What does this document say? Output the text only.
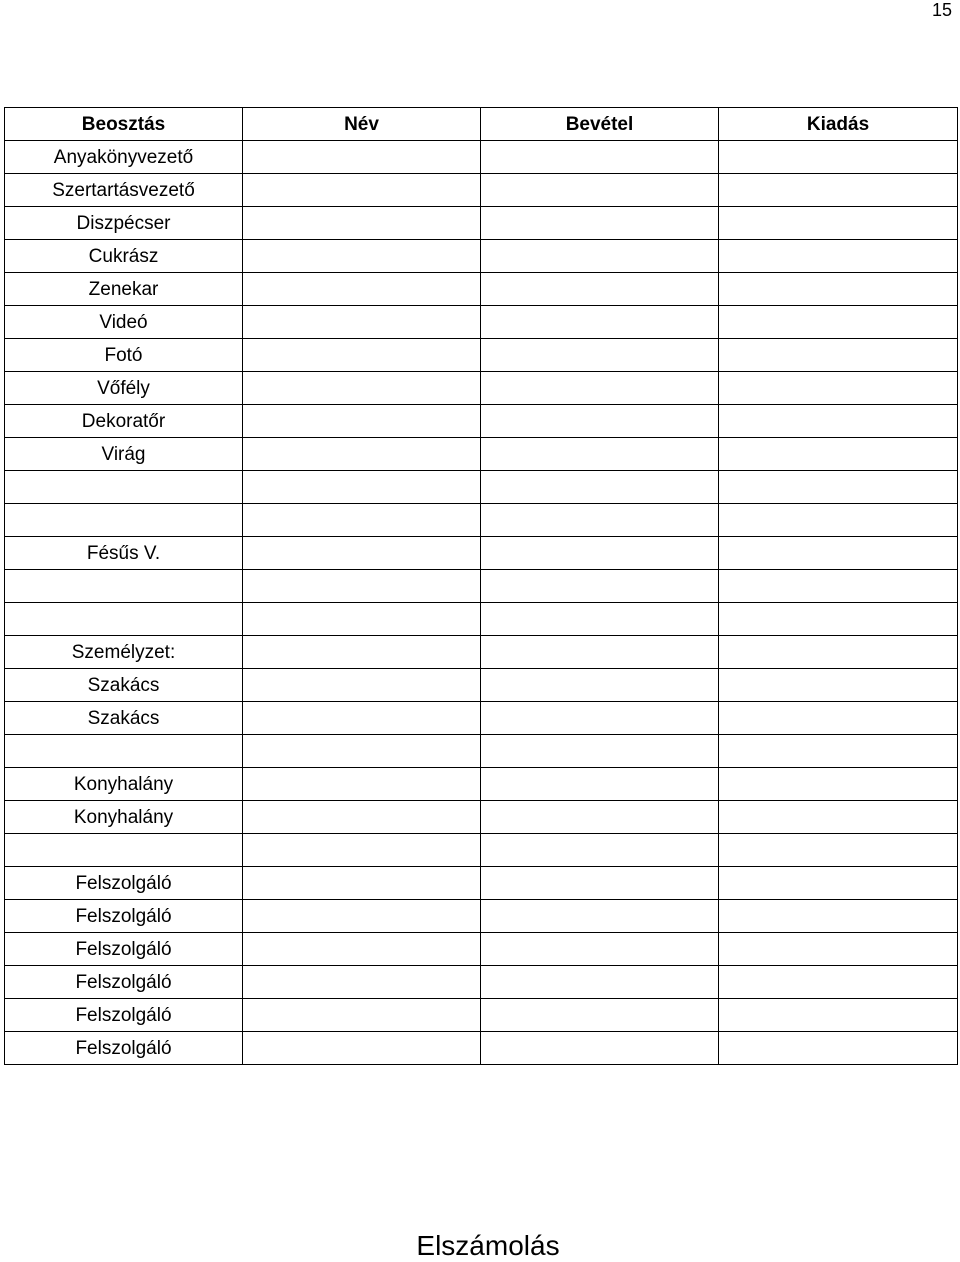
15
Beosztás	Név	Bevétel	Kiadás
Anyakönyvezető			
Szertartásvezető			
Diszpécser			
Cukrász			
Zenekar			
Videó			
Fotó			
Vőfély			
Dekoratőr			
Virág			

Fésűs V.			

Személyzet:			
Szakács			
Szakács			

Konyhalány			
Konyhalány			

Felszolgáló			
Felszolgáló			
Felszolgáló			
Felszolgáló			
Felszolgáló			
Felszolgáló			
Elszámolás
